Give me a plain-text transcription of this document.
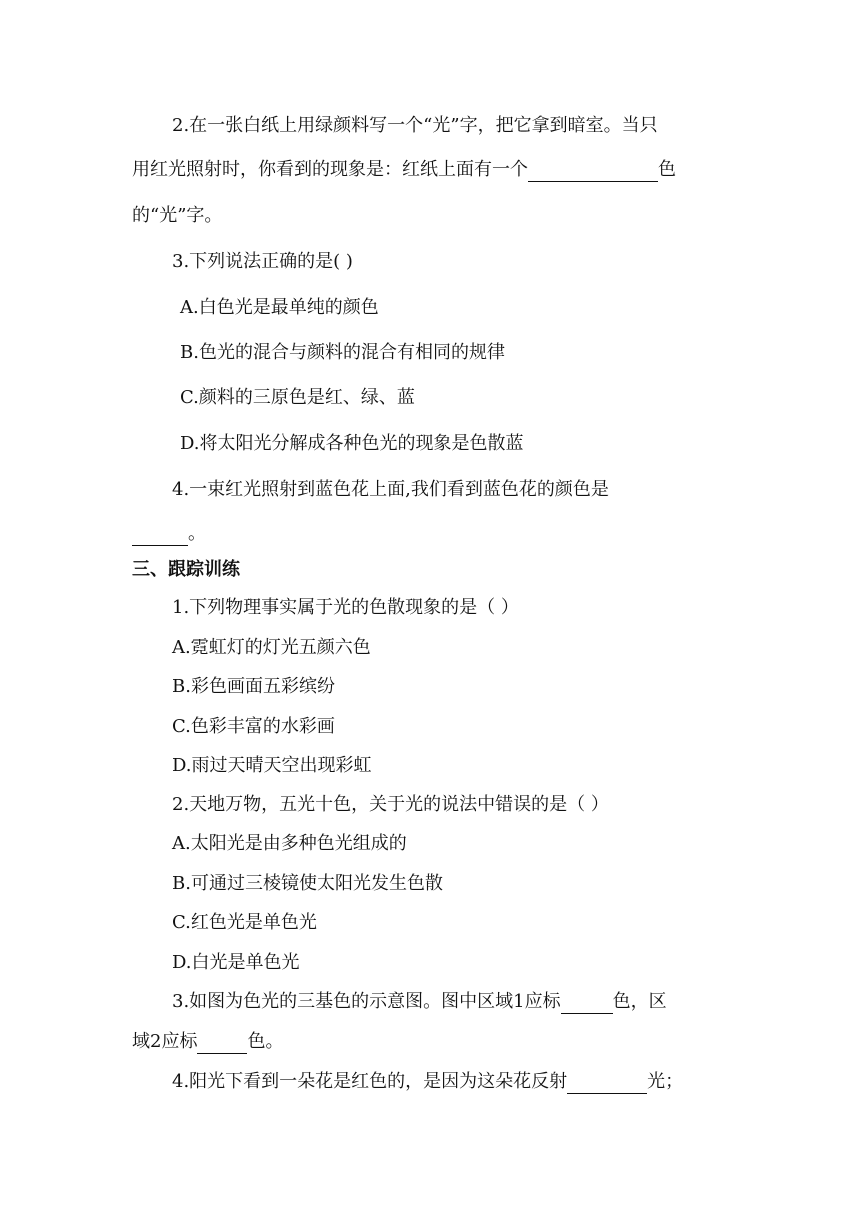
2.在一张白纸上用绿颜料写一个“光”字，把它拿到暗室。当只
用红光照射时，你看到的现象是：红纸上面有一个	色
的“光”字。
3.下列说法正确的是( )
A.白色光是最单纯的颜色
B.色光的混合与颜料的混合有相同的规律
C.颜料的三原色是红、绿、蓝
D.将太阳光分解成各种色光的现象是色散蓝
4.一束红光照射到蓝色花上面,我们看到蓝色花的颜色是
。
三、跟踪训练
1.下列物理事实属于光的色散现象的是（ ）
A.霓虹灯的灯光五颜六色
B.彩色画面五彩缤纷
C.色彩丰富的水彩画
D.雨过天晴天空出现彩虹
2.天地万物，五光十色，关于光的说法中错误的是（ ）
A.太阳光是由多种色光组成的
B.可通过三棱镜使太阳光发生色散
C.红色光是单色光
D.白光是单色光
3.如图为色光的三基色的示意图。图中区域1应标	色，区
域2应标	色。
4.阳光下看到一朵花是红色的，是因为这朵花反射	光；
